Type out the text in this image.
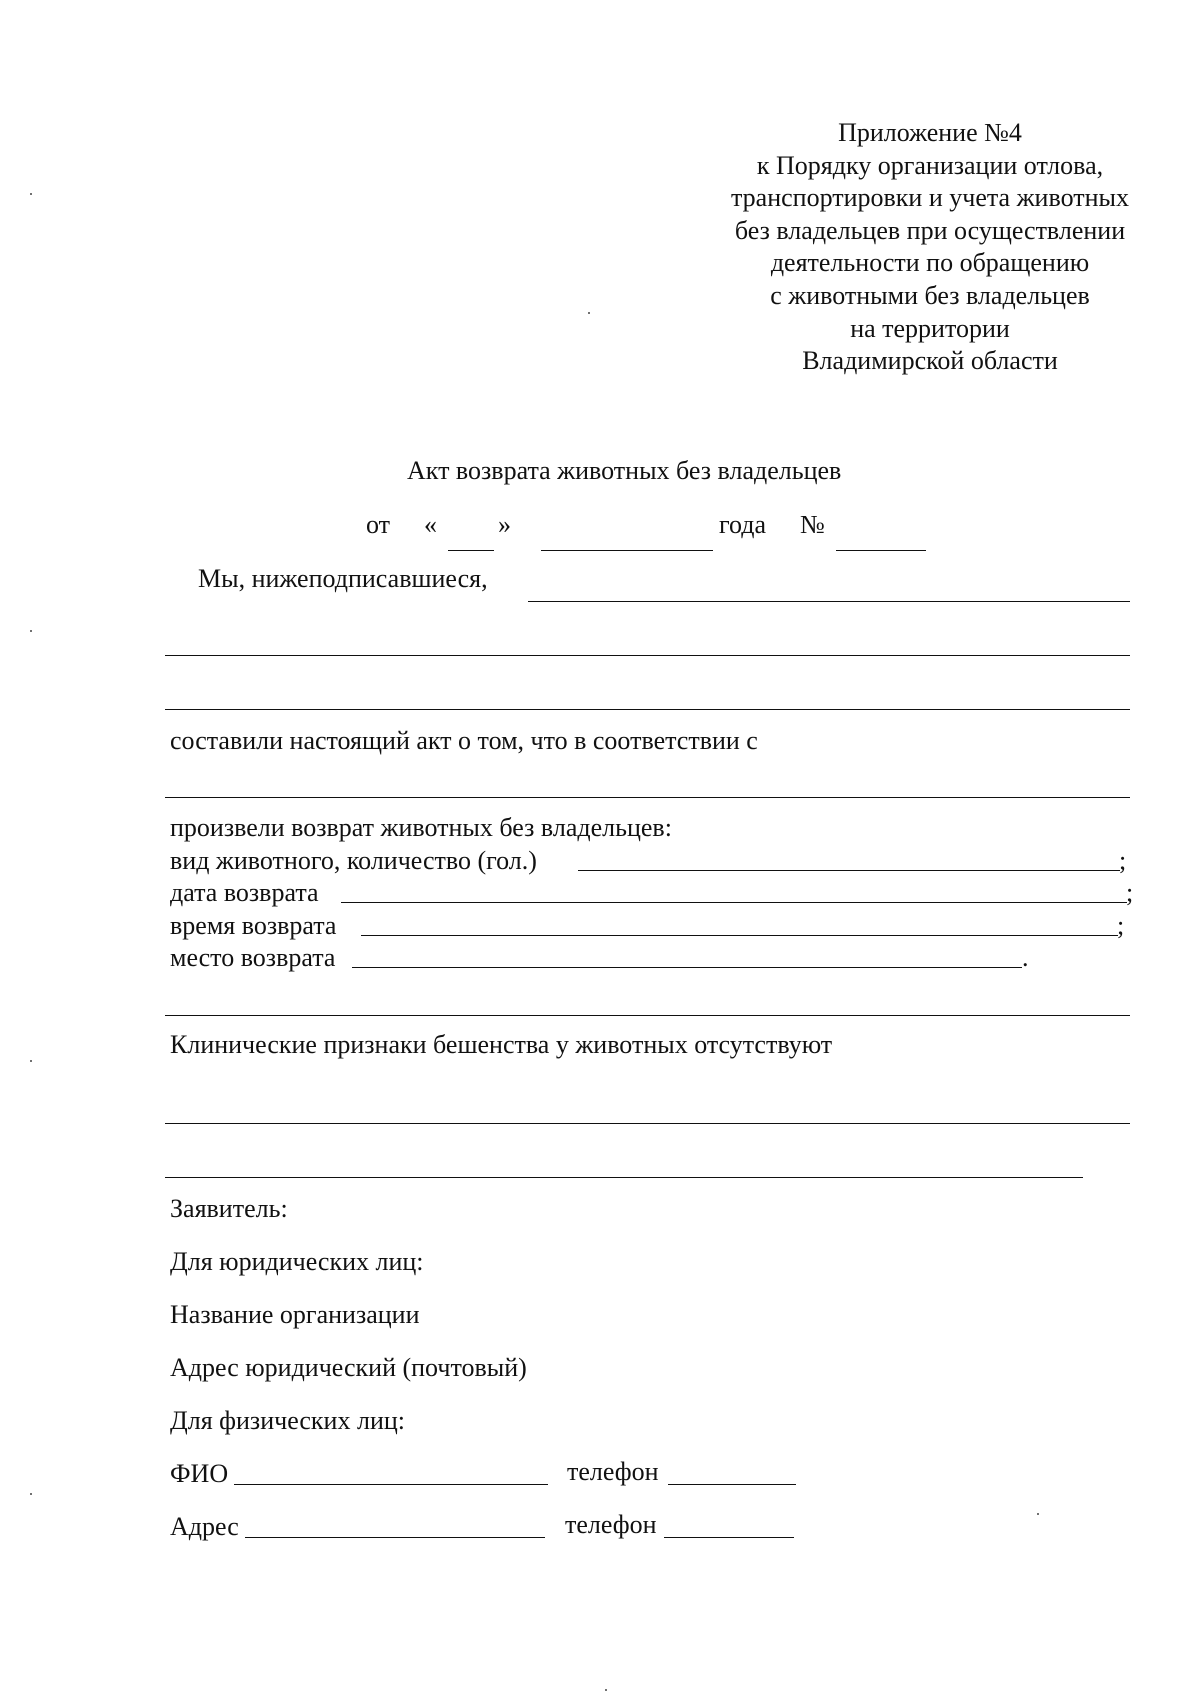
Приложение №4
к Порядку организации отлова,
транспортировки и учета животных
без владельцев при осуществлении
деятельности по обращению
с животными без владельцев
на территории
Владимирской области
Акт возврата животных без владельцев
от « »	года №
Мы, нижеподписавшиеся,
составили настоящий акт о том, что в соответствии с
произвели возврат животных без владельцев:
вид животного, количество (гол.)	;
дата возврата	;
время возврата	;
место возврата	.
Клинические признаки бешенства у животных отсутствуют
Заявитель:
Для юридических лиц:
Название организации
Адрес юридический (почтовый)
Для физических лиц:
ФИО	телефон
Адрес	телефон
